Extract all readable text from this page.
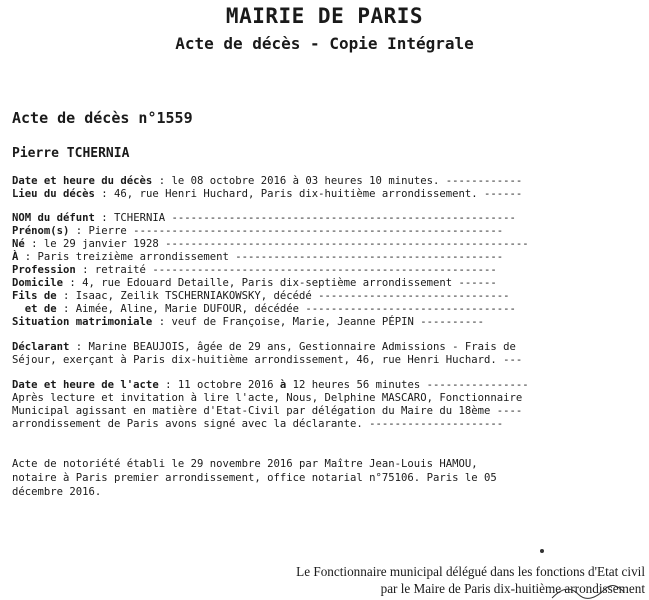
MAIRIE DE PARIS
Acte de décès - Copie Intégrale
Acte de décès n°1559
Pierre TCHERNIA
Date et heure du décès : le 08 octobre 2016 à 03 heures 10 minutes. ------------
Lieu du décès : 46, rue Henri Huchard, Paris dix-huitième arrondissement. ------
NOM du défunt : TCHERNIA ------------------------------------------------------
Prénom(s) : Pierre ----------------------------------------------------------
Né : le 29 janvier 1928 ---------------------------------------------------------
À : Paris treizième arrondissement ------------------------------------------
Profession : retraité ------------------------------------------------------
Domicile : 4, rue Edouard Detaille, Paris dix-septième arrondissement ------
Fils de : Isaac, Zeilik TSCHERNIAKOWSKY, décédé ------------------------------
et de : Aimée, Aline, Marie DUFOUR, décédée ---------------------------------
Situation matrimoniale : veuf de Françoise, Marie, Jeanne PÉPIN ----------
Déclarant : Marine BEAUJOIS, âgée de 29 ans, Gestionnaire Admissions - Frais de
Séjour, exerçant à Paris dix-huitième arrondissement, 46, rue Henri Huchard. ---
Date et heure de l'acte : 11 octobre 2016 à 12 heures 56 minutes ----------------
Après lecture et invitation à lire l'acte, Nous, Delphine MASCARO, Fonctionnaire
Municipal agissant en matière d'Etat-Civil par délégation du Maire du 18ème ----
arrondissement de Paris avons signé avec la déclarante. ---------------------
Acte de notoriété établi le 29 novembre 2016 par Maître Jean-Louis HAMOU,
notaire à Paris premier arrondissement, office notarial n°75106. Paris le 05
décembre 2016.
Le Fonctionnaire municipal délégué dans les fonctions d'Etat civil
par le Maire de Paris dix-huitième arrondissement
